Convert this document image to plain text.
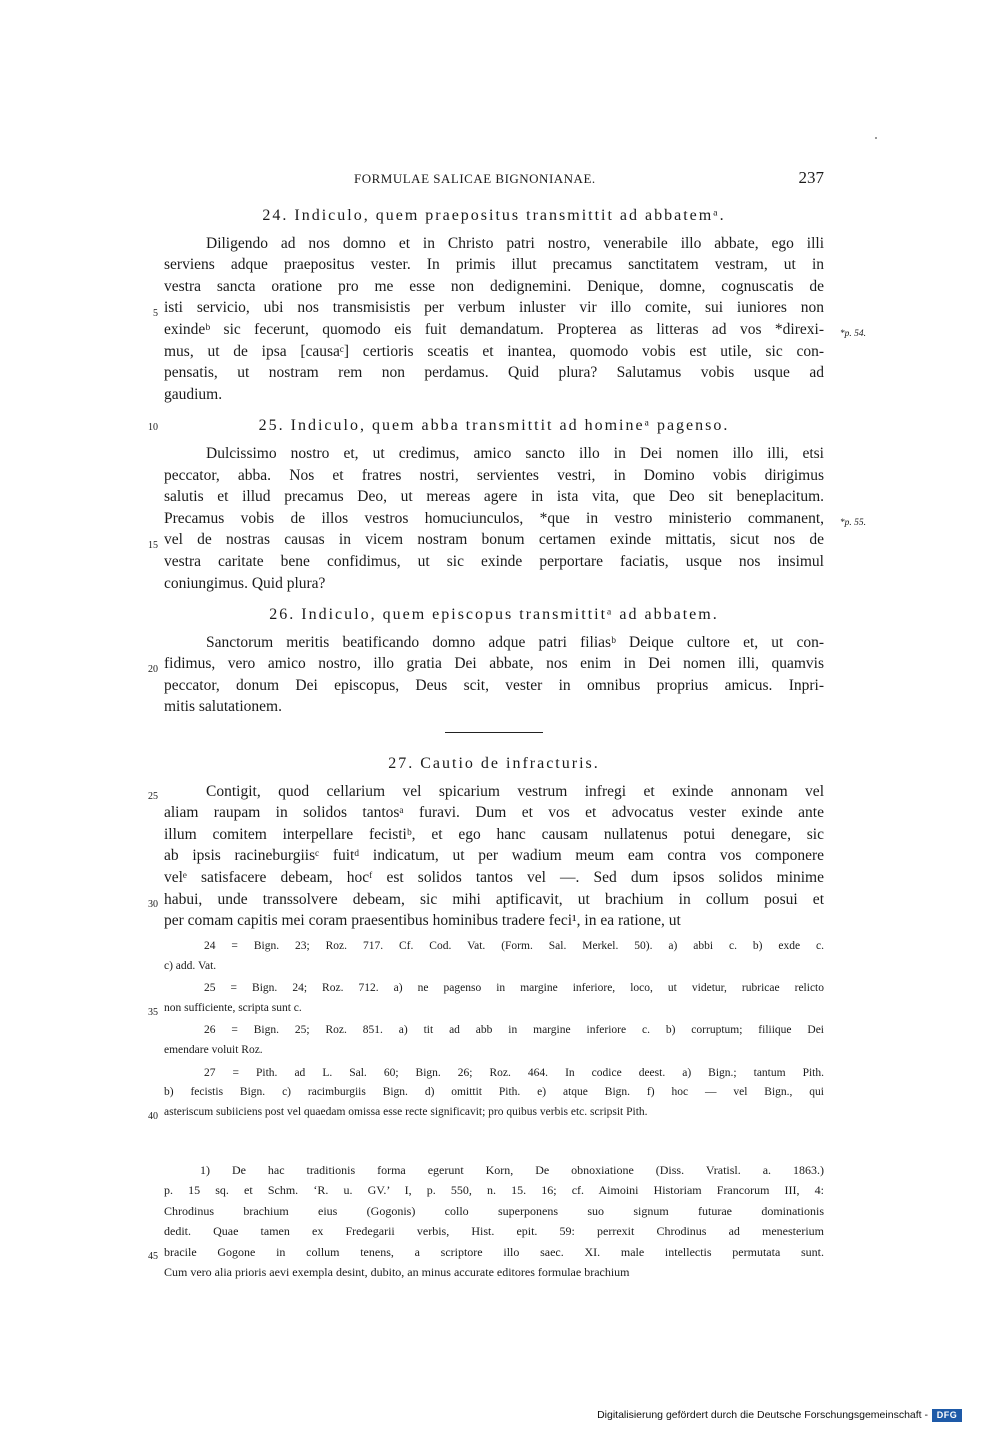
FORMULAE SALICAE BIGNONIANAE.	237
24. Indiculo, quem praepositus transmittit ad abbatemᵃ.
Diligendo ad nos domno et in Christo patri nostro, venerabile illo abbate, ego illi
serviens adque praepositus vester. In primis illut precamus sanctitatem vestram, ut in
vestra sancta oratione pro me esse non dedignemini. Denique, domne, cognuscatis de
isti servicio, ubi nos transmisistis per verbum inluster vir illo comite, sui iuniores non
exindeᵇ sic fecerunt, quomodo eis fuit demandatum. Propterea as litteras ad vos *direxi-
mus, ut de ipsa [causaᶜ] certioris sceatis et inantea, quomodo vobis est utile, sic con-
pensatis, ut nostram rem non perdamus. Quid plura? Salutamus vobis usque ad
gaudium.
5
*p. 54.
25. Indiculo, quem abba transmittit ad homineᵃ pagenso.
10
Dulcissimo nostro et, ut credimus, amico sancto illo in Dei nomen illo illi, etsi
peccator, abba. Nos et fratres nostri, servientes vestri, in Domino vobis dirigimus
salutis et illud precamus Deo, ut mereas agere in ista vita, que Deo sit beneplacitum.
Precamus vobis de illos vestros homuciunculos, *que in vestro ministerio commanent,
vel de nostras causas in vicem nostram bonum certamen exinde mittatis, sicut nos de
vestra caritate bene confidimus, ut sic exinde perportare faciatis, usque nos insimul
coniungimus. Quid plura?
15
*p. 55.
26. Indiculo, quem episcopus transmittitᵃ ad abbatem.
Sanctorum meritis beatificando domno adque patri filiasᵇ Deique cultore et, ut con-
fidimus, vero amico nostro, illo gratia Dei abbate, nos enim in Dei nomen illi, quamvis
peccator, donum Dei episcopus, Deus scit, vester in omnibus proprius amicus. Inpri-
mitis salutationem.
20
27. Cautio de infracturis.
Contigit, quod cellarium vel spicarium vestrum infregi et exinde annonam vel
aliam raupam in solidos tantosᵃ furavi. Dum et vos et advocatus vester exinde ante
illum comitem interpellare fecistiᵇ, et ego hanc causam nullatenus potui denegare, sic
ab ipsis racineburgiisᶜ fuitᵈ indicatum, ut per wadium meum eam contra vos componere
velᵉ satisfacere debeam, hocᶠ est solidos tantos vel —. Sed dum ipsos solidos minime
habui, unde transsolvere debeam, sic mihi aptificavit, ut brachium in collum posui et
per comam capitis mei coram praesentibus hominibus tradere feci¹, in ea ratione, ut
25
30
24 = Bign. 23; Roz. 717. Cf. Cod. Vat. (Form. Sal. Merkel. 50). a) abbi c. b) exde c.
c) add. Vat.
25 = Bign. 24; Roz. 712. a) ne pagenso in margine inferiore, loco, ut videtur, rubricae relicto
non sufficiente, scripta sunt c.
35
26 = Bign. 25; Roz. 851. a) tit ad abb in margine inferiore c. b) corruptum; filiique Dei
emendare voluit Roz.
27 = Pith. ad L. Sal. 60; Bign. 26; Roz. 464. In codice deest. a) Bign.; tantum Pith.
b) fecistis Bign. c) racimburgiis Bign. d) omittit Pith. e) atque Bign. f) hoc — vel Bign., qui
asteriscum subiiciens post vel quaedam omissa esse recte significavit; pro quibus verbis etc. scripsit Pith.
40
1) De hac traditionis forma egerunt Korn, De obnoxiatione (Diss. Vratisl. a. 1863.)
p. 15 sq. et Schm. ‘R. u. GV.’ I, p. 550, n. 15. 16; cf. Aimoini Historiam Francorum III, 4:
Chrodinus brachium eius (Gogonis) collo superponens suo signum futurae dominationis
dedit. Quae tamen ex Fredegarii verbis, Hist. epit. 59: perrexit Chrodinus ad menesterium
bracile Gogone in collum tenens, a scriptore illo saec. XI. male intellectis permutata sunt.
Cum vero alia prioris aevi exempla desint, dubito, an minus accurate editores formulae brachium
45
Digitalisierung gefördert durch die Deutsche Forschungsgemeinschaft - DFG
